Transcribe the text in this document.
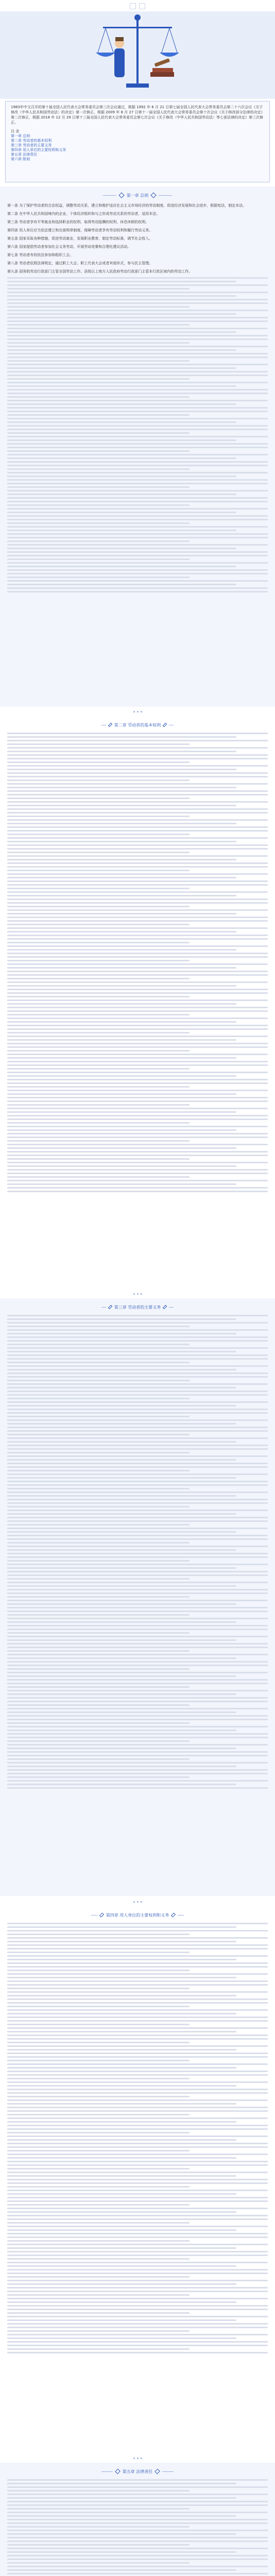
1983年中文召开的第十届全国人民代表大会常务委员会第三次会议通过，根据 1992 年 6 月 21 日第七届全国人民代表大会常务委员会第二十六次会议《关于修改〈中华人民共和国劳动法〉的决定》第一次修正，根据 2009 年 8 月 27 日第十一届全国人民代表大会常务委员会第十次会议《关于修改部分法律的决定》第二次修正，根据 2018 年 12 月 29 日第十三届全国人民代表大会常务委员会第七次会议《关于修改〈中华人民共和国劳动法〉等七部法律的决定》第三次修正。
目 录
第一章 总则
第二章 劳动者的基本权利
第三章 劳动者的主要义务
第四章 用人单位的主要权利和义务
第五章 法律责任
第六章 附则
第一章 总则
第一条 为了保护劳动者的合法权益，调整劳动关系，建立和维护适应社会主义市场经济的劳动制度，促进经济发展和社会进步，根据宪法，制定本法。
第二条 在中华人民共和国境内的企业、个体经济组织和与之形成劳动关系的劳动者，适用本法。
第三条 劳动者享有平等就业和选择职业的权利、取得劳动报酬的权利、休息休假的权利。
第四条 用人单位应当依法建立和完善规章制度，保障劳动者享有劳动权利和履行劳动义务。
第五条 国家采取各种措施，促进劳动就业，发展职业教育，制定劳动标准，调节社会收入。
第六条 国家提倡劳动者参加社会义务劳动，开展劳动竞赛和合理化建议活动。
第七条 劳动者有权依法参加和组织工会。
第八条 劳动者依照法律规定，通过职工大会、职工代表大会或者其他形式，参与民主管理。
第九条 国务院劳动行政部门主管全国劳动工作。县级以上地方人民政府劳动行政部门主管本行政区域内的劳动工作。
第二章 劳动者的基本权利
第三章 劳动者的主要义务
第四章 用人单位的主要权利和义务
第五章 法律责任
